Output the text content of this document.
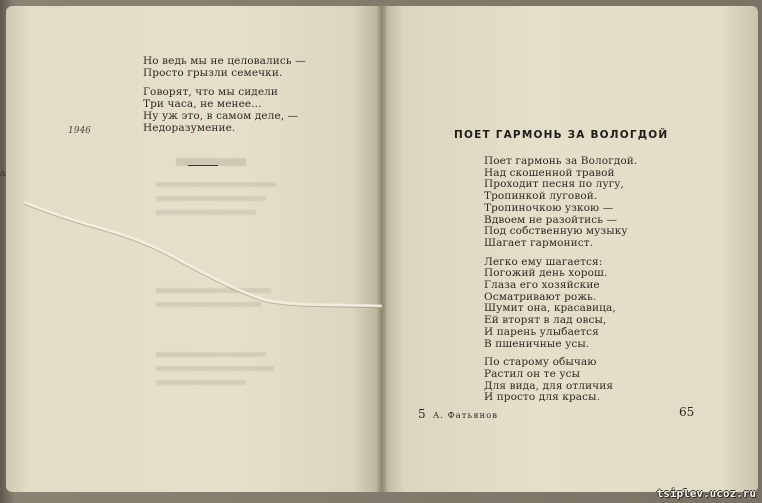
Но ведь мы не целовались —
Просто грызли семечки.
Говорят, что мы сидели
Три часа, не менее...
Ну уж это, в самом деле, —
Недоразумение.
1946
ʌ
ПОЕТ ГАРМОНЬ ЗА ВОЛОГДОЙ
Поет гармонь за Вологдой.
Над скошенной травой
Проходит песня по лугу,
Тропинкой луговой.
Тропиночкою узкою —
Вдвоем не разойтись —
Под собственную музыку
Шагает гармонист.
Легко ему шагается:
Погожий день хорош.
Глаза его хозяйские
Осматривают рожь.
Шумит она, красавица,
Ей вторят в лад овсы,
И парень улыбается
В пшеничные усы.
По старому обычаю
Растил он те усы
Для вида, для отличия
И просто для красы.
5 А. Фатьянов	65
tsiplev.ucoz.ru
